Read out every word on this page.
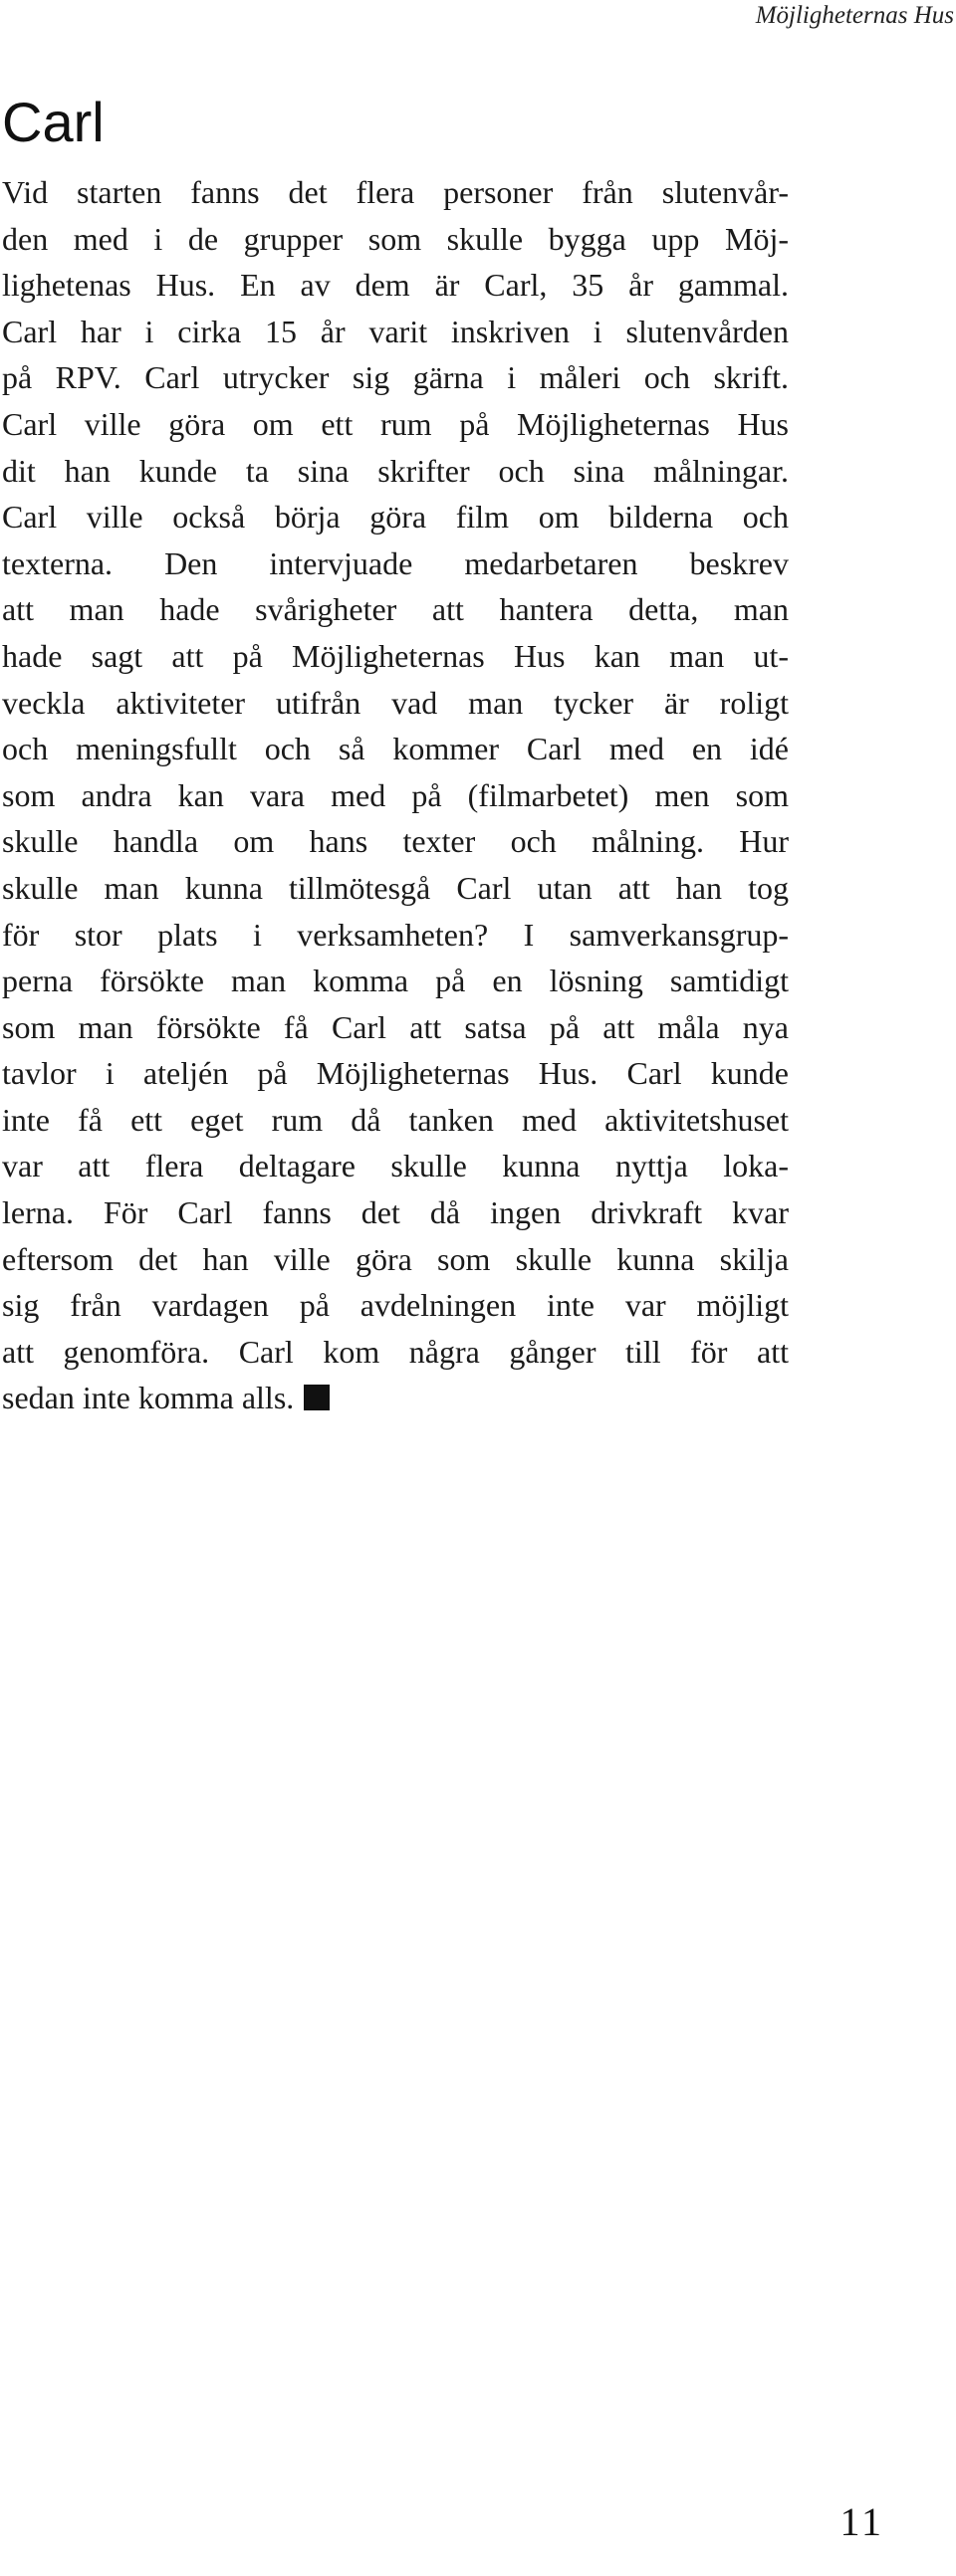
Möjligheternas Hus

Carl
Vid starten fanns det flera personer från slutenvår-
den med i de grupper som skulle bygga upp Möj-
lighetenas Hus. En av dem är Carl, 35 år gammal.
Carl har i cirka 15 år varit inskriven i slutenvården
på RPV. Carl utrycker sig gärna i måleri och skrift.
Carl ville göra om ett rum på Möjligheternas Hus
dit han kunde ta sina skrifter och sina målningar.
Carl ville också börja göra film om bilderna och
texterna. Den intervjuade medarbetaren beskrev
att man hade svårigheter att hantera detta, man
hade sagt att på Möjligheternas Hus kan man ut-
veckla aktiviteter utifrån vad man tycker är roligt
och meningsfullt och så kommer Carl med en idé
som andra kan vara med på (filmarbetet) men som
skulle handla om hans texter och målning. Hur
skulle man kunna tillmötesgå Carl utan att han tog
för stor plats i verksamheten? I samverkansgrup-
perna försökte man komma på en lösning samtidigt
som man försökte få Carl att satsa på att måla nya
tavlor i ateljén på Möjligheternas Hus. Carl kunde
inte få ett eget rum då tanken med aktivitetshuset
var att flera deltagare skulle kunna nyttja loka-
lerna. För Carl fanns det då ingen drivkraft kvar
eftersom det han ville göra som skulle kunna skilja
sig från vardagen på avdelningen inte var möjligt
att genomföra. Carl kom några gånger till för att
sedan inte komma alls.

11
